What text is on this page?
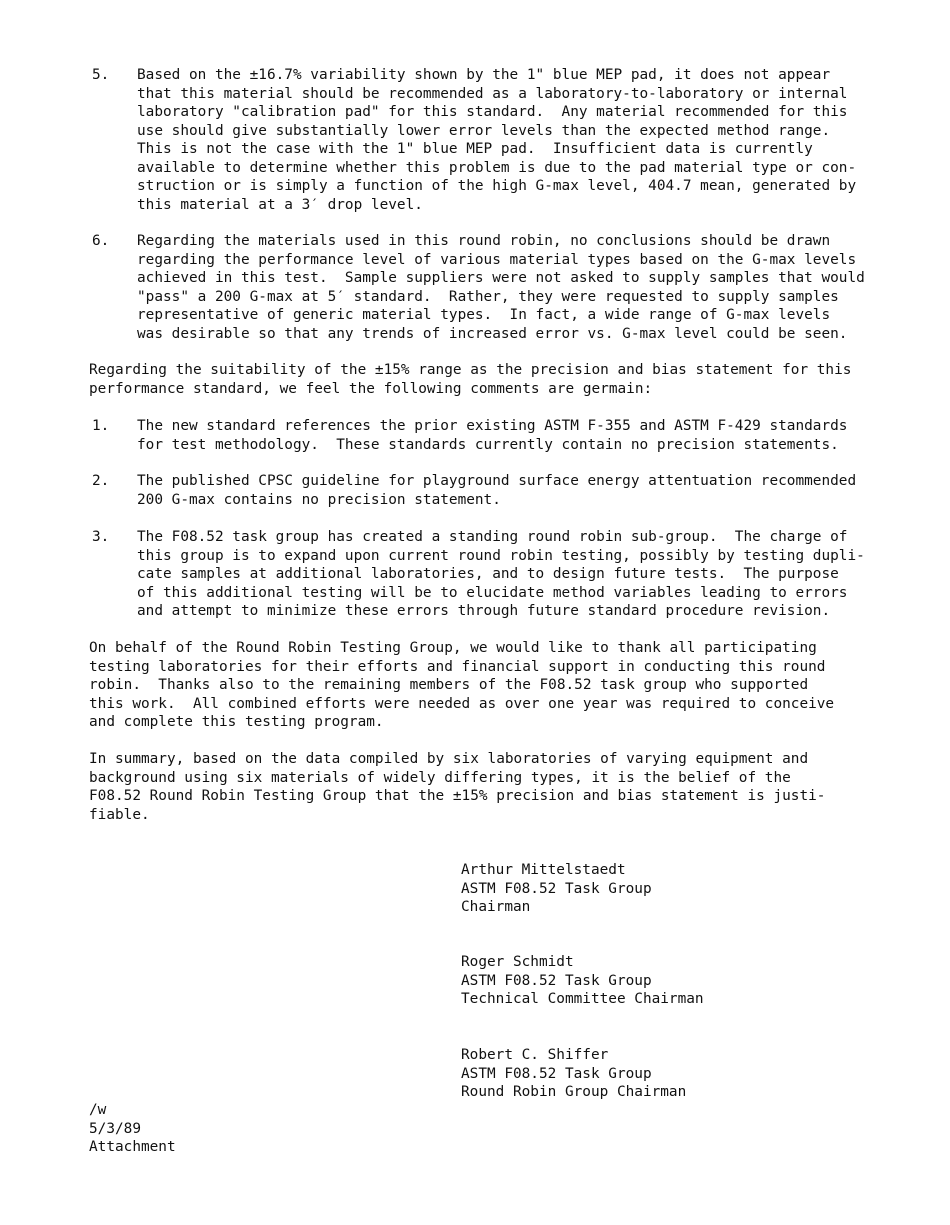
5. Based on the ±16.7% variability shown by the 1" blue MEP pad, it does not appear
that this material should be recommended as a laboratory-to-laboratory or internal
laboratory "calibration pad" for this standard.  Any material recommended for this
use should give substantially lower error levels than the expected method range.
This is not the case with the 1" blue MEP pad.  Insufficient data is currently
available to determine whether this problem is due to the pad material type or con-
struction or is simply a function of the high G-max level, 404.7 mean, generated by
this material at a 3′ drop level.
6. Regarding the materials used in this round robin, no conclusions should be drawn
regarding the performance level of various material types based on the G-max levels
achieved in this test.  Sample suppliers were not asked to supply samples that would
"pass" a 200 G-max at 5′ standard.  Rather, they were requested to supply samples
representative of generic material types.  In fact, a wide range of G-max levels
was desirable so that any trends of increased error vs. G-max level could be seen.
Regarding the suitability of the ±15% range as the precision and bias statement for this
performance standard, we feel the following comments are germain:
1. The new standard references the prior existing ASTM F-355 and ASTM F-429 standards
for test methodology.  These standards currently contain no precision statements.
2. The published CPSC guideline for playground surface energy attentuation recommended
200 G-max contains no precision statement.
3. The F08.52 task group has created a standing round robin sub-group.  The charge of
this group is to expand upon current round robin testing, possibly by testing dupli-
cate samples at additional laboratories, and to design future tests.  The purpose
of this additional testing will be to elucidate method variables leading to errors
and attempt to minimize these errors through future standard procedure revision.
On behalf of the Round Robin Testing Group, we would like to thank all participating
testing laboratories for their efforts and financial support in conducting this round
robin.  Thanks also to the remaining members of the F08.52 task group who supported
this work.  All combined efforts were needed as over one year was required to conceive
and complete this testing program.
In summary, based on the data compiled by six laboratories of varying equipment and
background using six materials of widely differing types, it is the belief of the
F08.52 Round Robin Testing Group that the ±15% precision and bias statement is justi-
fiable.
Arthur Mittelstaedt
ASTM F08.52 Task Group
Chairman
Roger Schmidt
ASTM F08.52 Task Group
Technical Committee Chairman
Robert C. Shiffer
ASTM F08.52 Task Group
Round Robin Group Chairman
/w
5/3/89
Attachment
